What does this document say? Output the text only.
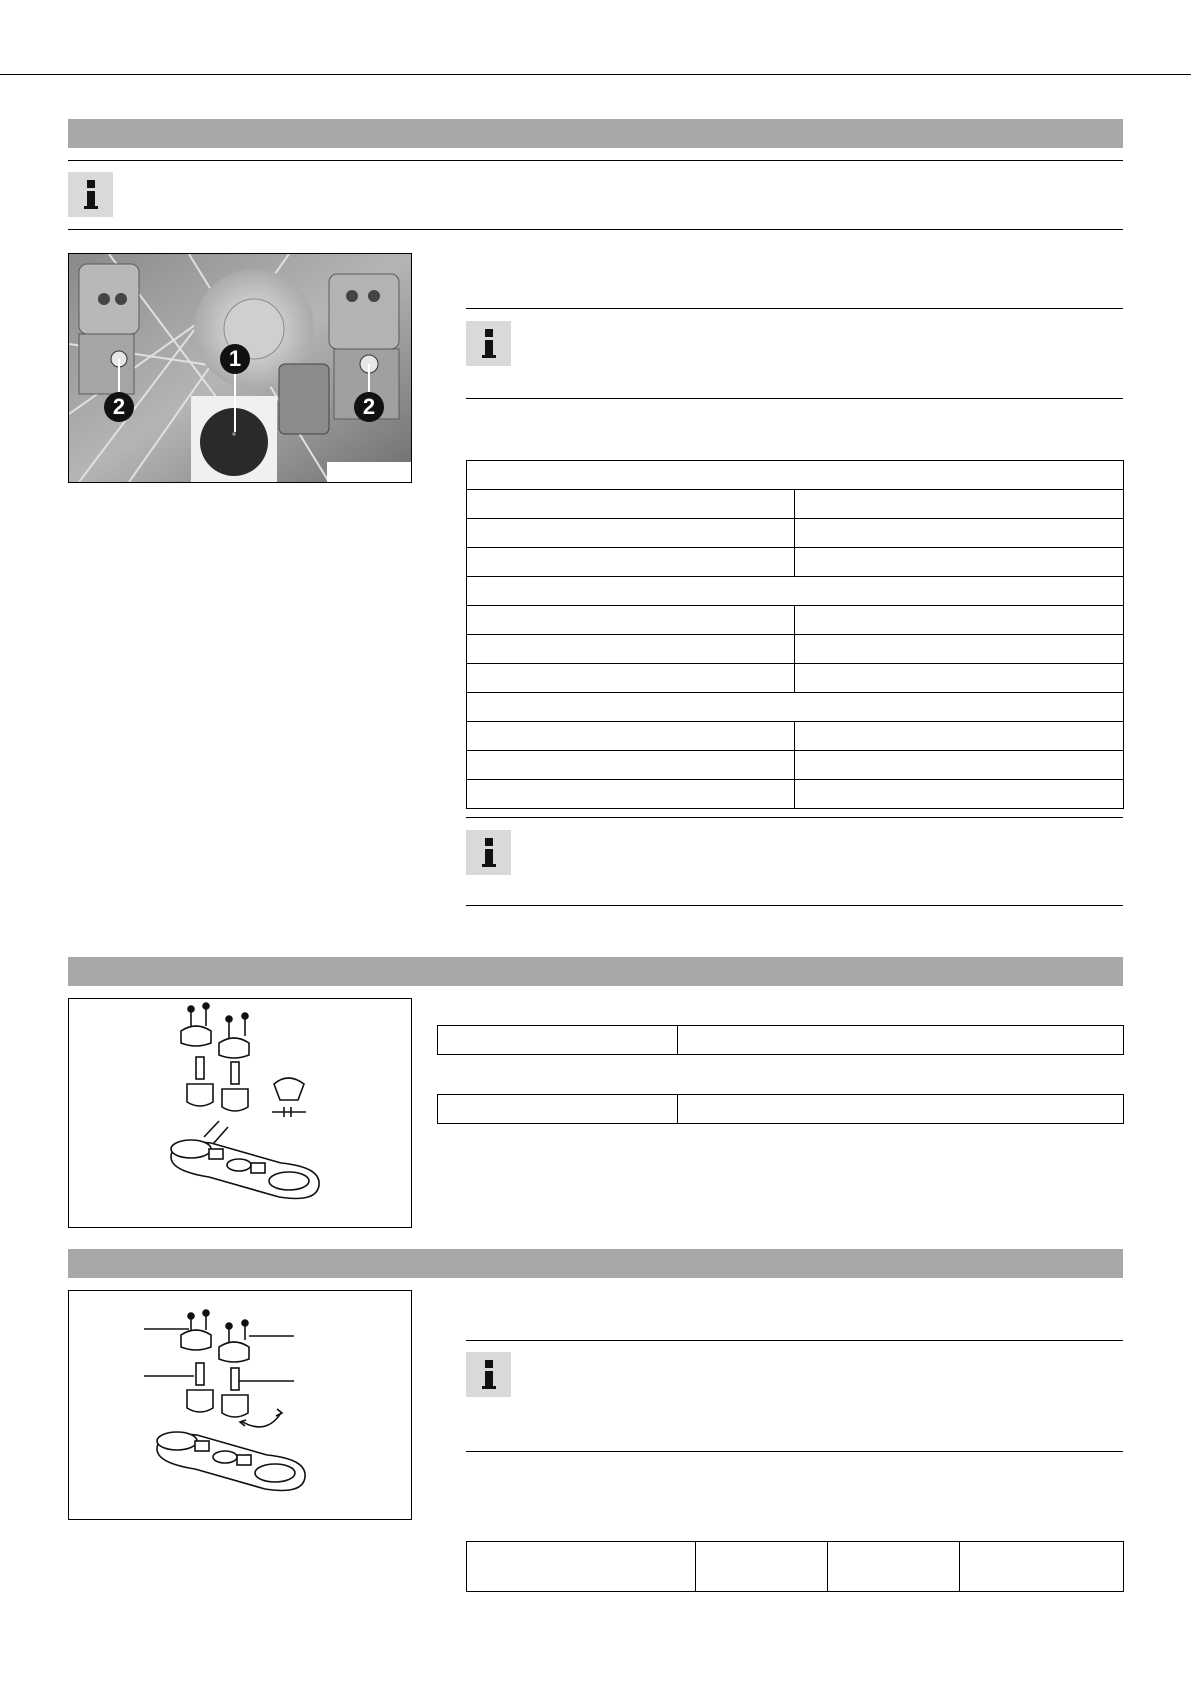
1
2	2
